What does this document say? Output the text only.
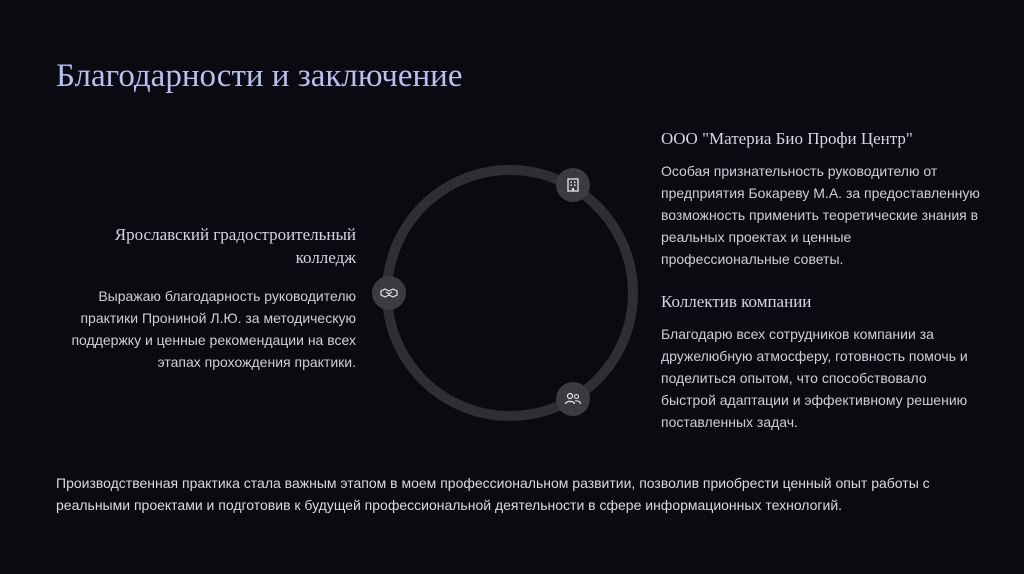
Благодарности и заключение
Ярославский градостроительный колледж
Выражаю благодарность руководителю практики Прониной Л.Ю. за методическую поддержку и ценные рекомендации на всех этапах прохождения практики.
ООО "Материа Био Профи Центр"
Особая признательность руководителю от предприятия Бокареву М.А. за предоставленную возможность применить теоретические знания в реальных проектах и ценные профессиональные советы.
Коллектив компании
Благодарю всех сотрудников компании за дружелюбную атмосферу, готовность помочь и поделиться опытом, что способствовало быстрой адаптации и эффективному решению поставленных задач.
Производственная практика стала важным этапом в моем профессиональном развитии, позволив приобрести ценный опыт работы с реальными проектами и подготовив к будущей профессиональной деятельности в сфере информационных технологий.
